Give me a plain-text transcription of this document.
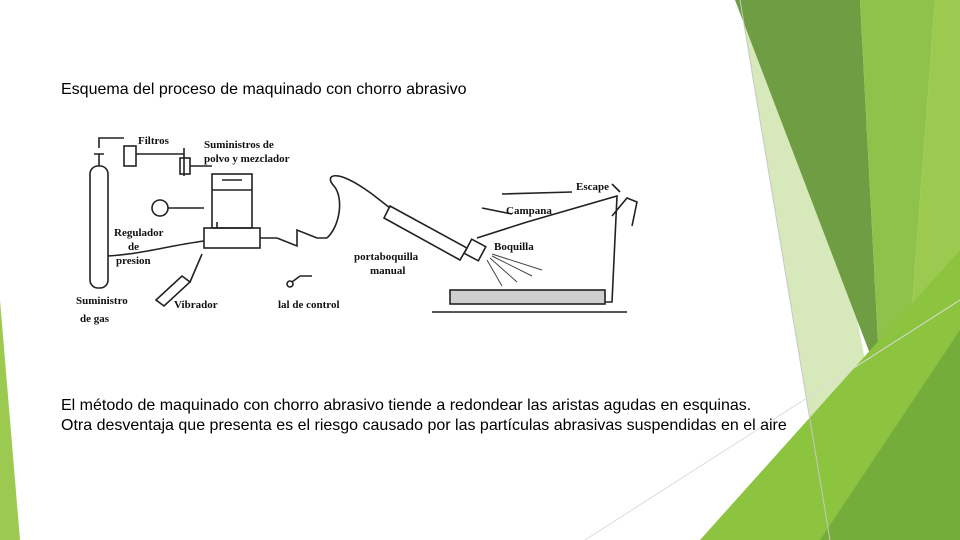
Esquema del proceso de maquinado con chorro abrasivo
Filtros	Suministros de
polvo y mezclador
Escape
Campana
Boquilla
Regulador
de
presion	portaboquilla
manual
Suministro
de gas
Vibrador	lal de control

El método de maquinado con chorro abrasivo tiende a redondear las aristas agudas en esquinas.

Otra desventaja que presenta es el riesgo causado por las partículas abrasivas suspendidas en el aire
